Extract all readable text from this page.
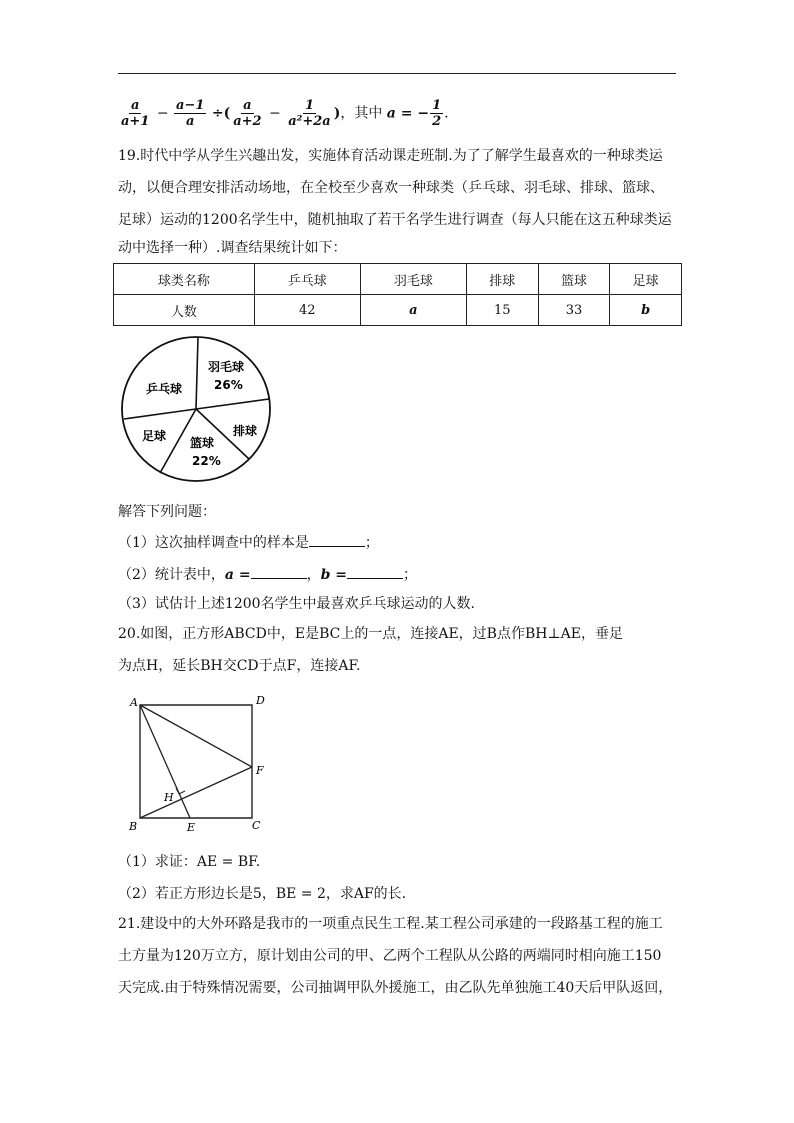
$\frac{a}{a+1} - \frac{a-1}{a}$ ÷( $\frac{a}{a+2} - \frac{1}{\text{a²+2a}}$ )，其中 a = − $\frac{1}{2}$ .
19.时代中学从学生兴趣出发，实施体育活动课走班制.为了了解学生最喜欢的一种球类运
动，以便合理安排活动场地，在全校至少喜欢一种球类（乒乓球、羽毛球、排球、篮球、
足球）运动的1200名学生中，随机抽取了若干名学生进行调查（每人只能在这五种球类运
动中选择一种）.调查结果统计如下：
球类名称	乒乓球	羽毛球	排球	篮球	足球
人数	42	a	15	33	b
乒乓球
羽毛球
26%
排球
篮球
22%
足球
解答下列问题：
（1）这次抽样调查中的样本是	；
（2）统计表中，a =	，b =	；
（3）试估计上述1200名学生中最喜欢乒乓球运动的人数.
20.如图，正方形ABCD中，E是BC上的一点，连接AE，过B点作BH⊥AE，垂足
为点H，延长BH交CD于点F，连接AF.
A	D
F
H
B	E	C
（1）求证：AE = BF.
（2）若正方形边长是5，BE = 2，求AF的长.
21.建设中的大外环路是我市的一项重点民生工程.某工程公司承建的一段路基工程的施工
土方量为120万立方，原计划由公司的甲、乙两个工程队从公路的两端同时相向施工150
天完成.由于特殊情况需要，公司抽调甲队外援施工，由乙队先单独施工40天后甲队返回，
